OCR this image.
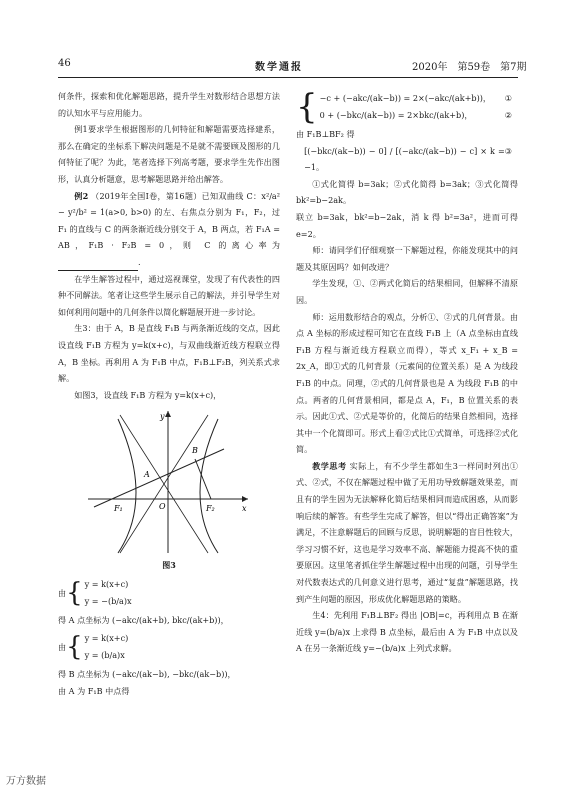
46	数学通报	2020年　第59卷　第7期

何条件，探索和优化解题思路，提升学生对数形结合思想方法的认知水平与应用能力。

例1要求学生根据图形的几何特征和解题需要选择建系，那么在确定的坐标系下解决问题是不是就不需要顾及图形的几何特征了呢？为此，笔者选择下列高考题，要求学生先作出图形，认真分析题意，思考解题思路并给出解答。

例2 （2019年全国Ⅰ卷，第16题）已知双曲线 C：x²/a² − y²/b² = 1(a>0, b>0) 的左、右焦点分别为 F₁，F₂，过 F₁ 的直线与 C 的两条渐近线分别交于 A，B 两点，若 F₁A = AB，F₁B · F₂B = 0，则 C 的离心率为 .

在学生解答过程中，通过巡视课堂，发现了有代表性的四种不同解法。笔者让这些学生展示自己的解法，并引导学生对如何利用问题中的几何条件以简化解题展开进一步讨论。

生3：由于 A，B 是直线 F₁B 与两条渐近线的交点，因此设直线 F₁B 方程为 y=k(x+c)，与双曲线渐近线方程联立得 A，B 坐标。再利用 A 为 F₁B 中点，F₁B⊥F₂B，列关系式求解。

如图3，设直线 F₁B 方程为 y=k(x+c)，

y
x
O
A
B
F₁	F₂
图3
由 { y = k(x+c)

y = −(b/a)x

得 A 点坐标为 (−akc/(ak+b), bkc/(ak+b))，

由 { y = k(x+c)

y = (b/a)x

得 B 点坐标为 (−akc/(ak−b), −bkc/(ak−b))，

由 A 为 F₁B 中点得

{ −c + (−akc/(ak−b)) = 2×(−akc/(ak+b))， ①

0 + (−bkc/(ak−b)) = 2×bkc/(ak+b)，	②

由 F₁B⊥BF₂ 得

[(−bkc/(ak−b)) − 0] / [(−akc/(ak−b)) − c] × k = −1。
③

①式化简得 b=3ak；②式化简得 b=3ak；③式化简得 bk²=b−2ak。

联立 b=3ak，bk²=b−2ak，消 k 得 b²=3a²，进而可得 e=2。

师：请同学们仔细观察一下解题过程，你能发现其中的问题及其原因吗？如何改进？

学生发现，①、②两式化简后的结果相同，但解释不清原因。

师：运用数形结合的观点，分析①、②式的几何背景。由点 A 坐标的形成过程可知它在直线 F₁B 上（A 点坐标由直线 F₁B 方程与渐近线方程联立而得），等式 x_F₁ + x_B = 2x_A，即①式的几何背景（元素间的位置关系）是 A 为线段 F₁B 的中点。同理，②式的几何背景也是 A 为线段 F₁B 的中点。两者的几何背景相同，都是点 A，F₁，B 位置关系的表示。因此①式、②式是等价的，化简后的结果自然相同，选择其中一个化简即可。形式上看②式比①式简单，可选择②式化简。

教学思考 实际上，有不少学生都如生3一样同时列出①式、②式，不仅在解题过程中做了无用功导致解题效果差，而且有的学生因为无法解释化简后结果相同而造成困惑，从而影响后续的解答。有些学生完成了解答，但以“得出正确答案”为满足，不注意解题后的回顾与反思，说明解题的盲目性较大，学习习惯不好，这也是学习效率不高、解题能力提高不快的重要原因。这里笔者抓住学生解题过程中出现的问题，引导学生对代数表达式的几何意义进行思考，通过“复盘”解题思路，找到产生问题的原因，形成优化解题思路的策略。

生4：先利用 F₁B⊥BF₂ 得出 |OB|=c，再利用点 B 在渐近线 y=(b/a)x 上求得 B 点坐标，最后由 A 为 F₁B 中点以及 A 在另一条渐近线 y=−(b/a)x 上列式求解。

万方数据
